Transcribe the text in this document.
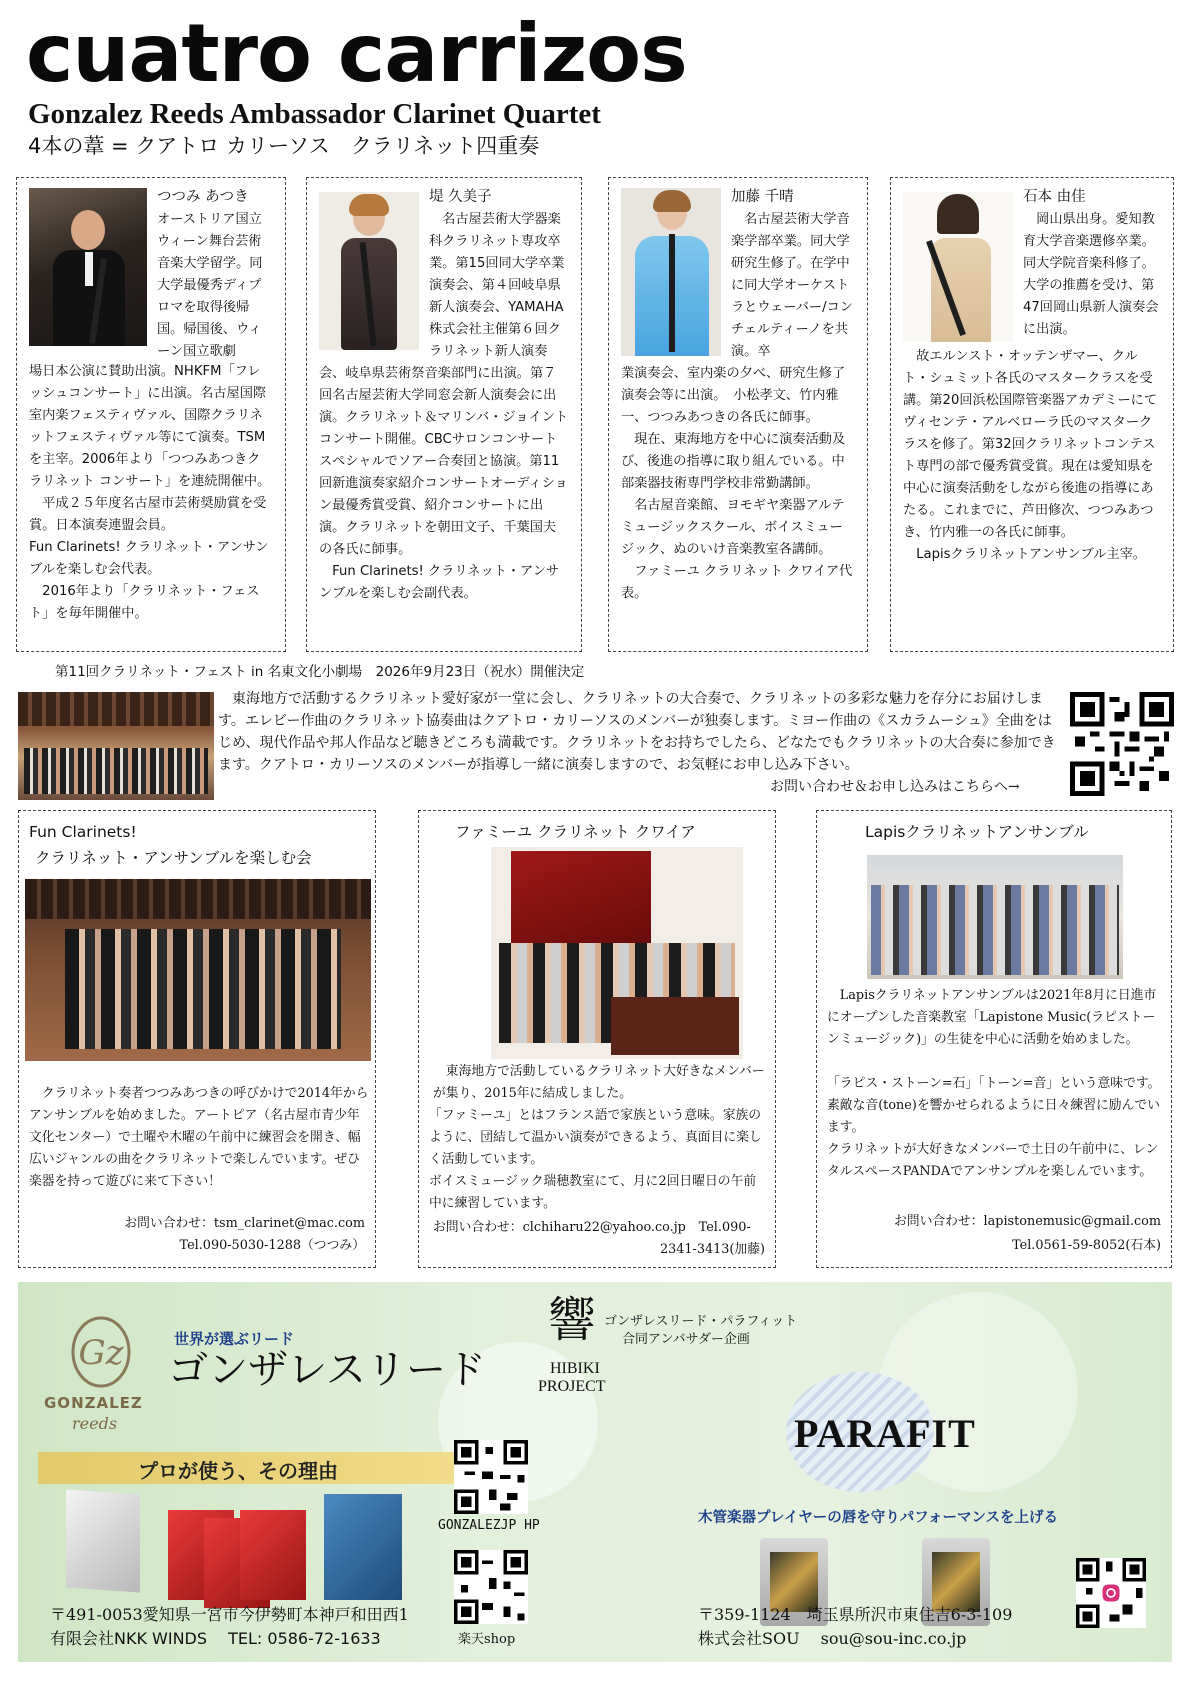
cuatro carrizos
Gonzalez Reeds Ambassador Clarinet Quartet
4本の葦 = クアトロ カリーソス　クラリネット四重奏
つつみ あつき
オーストリア国立ウィーン舞台芸術音楽大学留学。同大学最優秀ディプロマを取得後帰国。帰国後、ウィーン国立歌劇
場日本公演に賛助出演。NHKFM「フレッシュコンサート」に出演。名古屋国際室内楽フェスティヴァル、国際クラリネットフェスティヴァル等にて演奏。TSMを主宰。2006年より「つつみあつきクラリネット コンサート」を連続開催中。
　平成２５年度名古屋市芸術奨励賞を受賞。日本演奏連盟会員。
Fun Clarinets! クラリネット・アンサンブルを楽しむ会代表。
　2016年より「クラリネット・フェスト」を毎年開催中。
堤 久美子
　名古屋芸術大学器楽科クラリネット専攻卒業。第15回同大学卒業演奏会、第４回岐阜県新人演奏会、YAMAHA株式会社主催第６回クラリネット新人演奏
会、岐阜県芸術祭音楽部門に出演。第７回名古屋芸術大学同窓会新人演奏会に出演。クラリネット＆マリンバ・ジョイントコンサート開催。CBCサロンコンサートスペシャルでソアー合奏団と協演。第11回新進演奏家紹介コンサートオーディション最優秀賞受賞、紹介コンサートに出演。クラリネットを朝田文子、千葉国夫の各氏に師事。
　Fun Clarinets! クラリネット・アンサンブルを楽しむ会副代表。
加藤 千晴
　名古屋芸術大学音楽学部卒業。同大学研究生修了。在学中に同大学オーケストラとウェーバー/コンチェルティーノを共演。卒
業演奏会、室内楽の夕べ、研究生修了演奏会等に出演。　小松孝文、竹内雅一、つつみあつきの各氏に師事。
　現在、東海地方を中心に演奏活動及び、後進の指導に取り組んでいる。中部楽器技術専門学校非常勤講師。
　名古屋音楽館、ヨモギヤ楽器アルテミュージックスクール、ボイスミュージック、ぬのいけ音楽教室各講師。
　ファミーユ クラリネット クワイア代表。
石本 由佳
　岡山県出身。愛知教育大学音楽選修卒業。同大学院音楽科修了。大学の推薦を受け、第47回岡山県新人演奏会に出演。
　故エルンスト・オッテンザマー、クルト・シュミット各氏のマスタークラスを受講。第20回浜松国際管楽器アカデミーにてヴィセンテ・アルベローラ氏のマスタークラスを修了。第32回クラリネットコンテスト専門の部で優秀賞受賞。現在は愛知県を中心に演奏活動をしながら後進の指導にあたる。これまでに、芦田修次、つつみあつき、竹内雅一の各氏に師事。
　Lapisクラリネットアンサンブル主宰。
第11回クラリネット・フェスト in 名東文化小劇場　2026年9月23日（祝水）開催決定
　東海地方で活動するクラリネット愛好家が一堂に会し、クラリネットの大合奏で、クラリネットの多彩な魅力を存分にお届けします。エレビー作曲のクラリネット協奏曲はクアトロ・カリーソスのメンバーが独奏します。ミヨー作曲の《スカラムーシュ》全曲をはじめ、現代作品や邦人作品など聴きどころも満載です。クラリネットをお持ちでしたら、どなたでもクラリネットの大合奏に参加できます。クアトロ・カリーソスのメンバーが指導し一緒に演奏しますので、お気軽にお申し込み下さい。
お問い合わせ＆お申し込みはこちらへ→
Fun Clarinets!
クラリネット・アンサンブルを楽しむ会
　クラリネット奏者つつみあつきの呼びかけで2014年からアンサンブルを始めました。アートピア（名古屋市青少年文化センター）で土曜や木曜の午前中に練習会を開き、幅広いジャンルの曲をクラリネットで楽しんでいます。ぜひ楽器を持って遊びに来て下さい！
お問い合わせ：tsm_clarinet@mac.com
Tel.090-5030-1288（つつみ）
ファミーユ クラリネット クワイア
　東海地方で活動しているクラリネット大好きなメンバーが集り、2015年に結成しました。
「ファミーユ」とはフランス語で家族という意味。家族のように、団結して温かい演奏ができるよう、真面目に楽しく活動しています。
ボイスミュージック瑞穂教室にて、月に2回日曜日の午前中に練習しています。
お問い合わせ：clchiharu22@yahoo.co.jp　Tel.090-
2341-3413(加藤)
Lapisクラリネットアンサンブル
　Lapisクラリネットアンサンブルは2021年8月に日進市にオープンした音楽教室「Lapistone Music(ラピストーンミュージック)」の生徒を中心に活動を始めました。
「ラピス・ストーン=石」「トーン=音」という意味です。素敵な音(tone)を響かせられるように日々練習に励んでいます。
クラリネットが大好きなメンバーで土日の午前中に、レンタルスペースPANDAでアンサンブルを楽しんでいます。
お問い合わせ：lapistonemusic@gmail.com
Tel.0561-59-8052(石本)
Gz
GONZALEZ
reeds
世界が選ぶリード
ゴンザレスリード
プロが使う、その理由
GONZALEZJP HP
楽天shop
響 ゴンザレスリード・パラフィット
合同アンバサダー企画
HIBIKI
PROJECT
PARAFIT
木管楽器プレイヤーの唇を守りパフォーマンスを上げる
〒491-0053愛知県一宮市今伊勢町本神戸和田西1
有限会社NKK WINDS　 TEL: 0586-72-1633
〒359-1124　埼玉県所沢市東住吉6-3-109
株式会社SOU　 sou@sou-inc.co.jp
